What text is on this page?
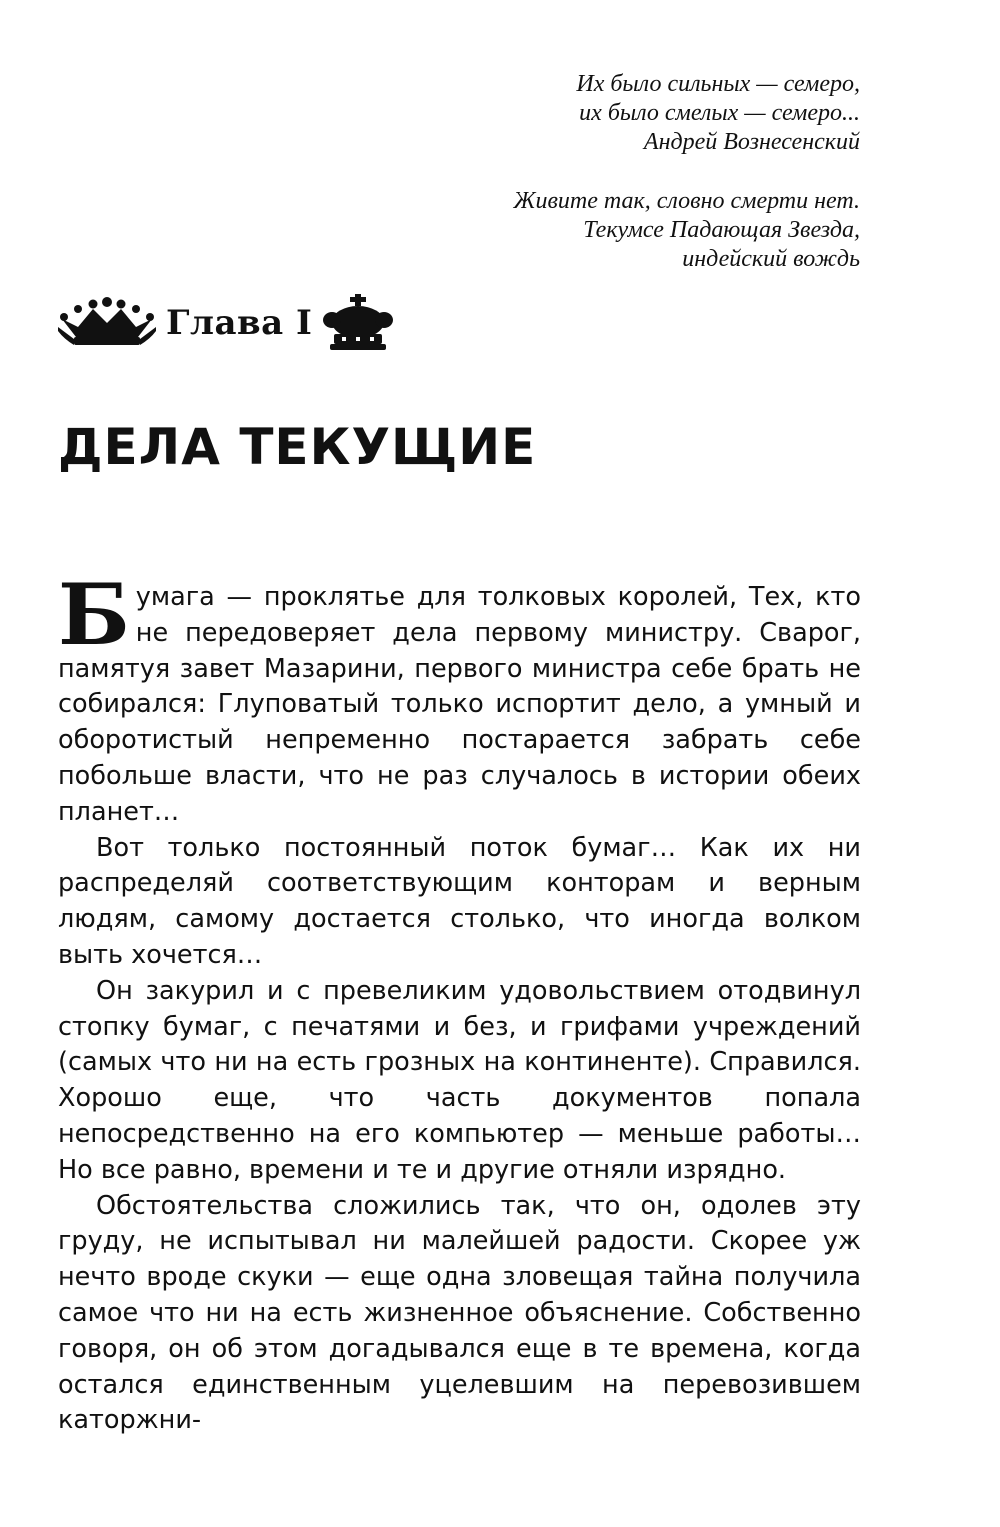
Их было сильных — семеро,
их было смелых — семеро...
Андрей Вознесенский
Живите так, словно смерти нет.
Текумсе Падающая Звезда,
индейский вождь
Глава I
ДЕЛА ТЕКУЩИЕ

Бумага — проклятье для толковых королей, Тех, кто не передоверяет дела первому министру. Сварог, памятуя завет Мазарини, первого министра себе брать не собирался: Глуповатый только испортит дело, а умный и оборотистый непременно постарается забрать себе побольше власти, что не раз случалось в истории обеих планет…

Вот только постоянный поток бумаг… Как их ни распределяй соответствующим конторам и верным людям, самому достается столько, что иногда волком выть хочется…

Он закурил и с превеликим удовольствием отодвинул стопку бумаг, с печатями и без, и грифами учреждений (самых что ни на есть грозных на континенте). Справился. Хорошо еще, что часть документов попала непосредственно на его компьютер — меньше работы… Но все равно, времени и те и другие отняли изрядно.

Обстоятельства сложились так, что он, одолев эту груду, не испытывал ни малейшей радости. Скорее уж нечто вроде скуки — еще одна зловещая тайна получила самое что ни на есть жизненное объяснение. Собственно говоря, он об этом догадывался еще в те времена, когда остался единственным уцелевшим на перевозившем каторжни-
